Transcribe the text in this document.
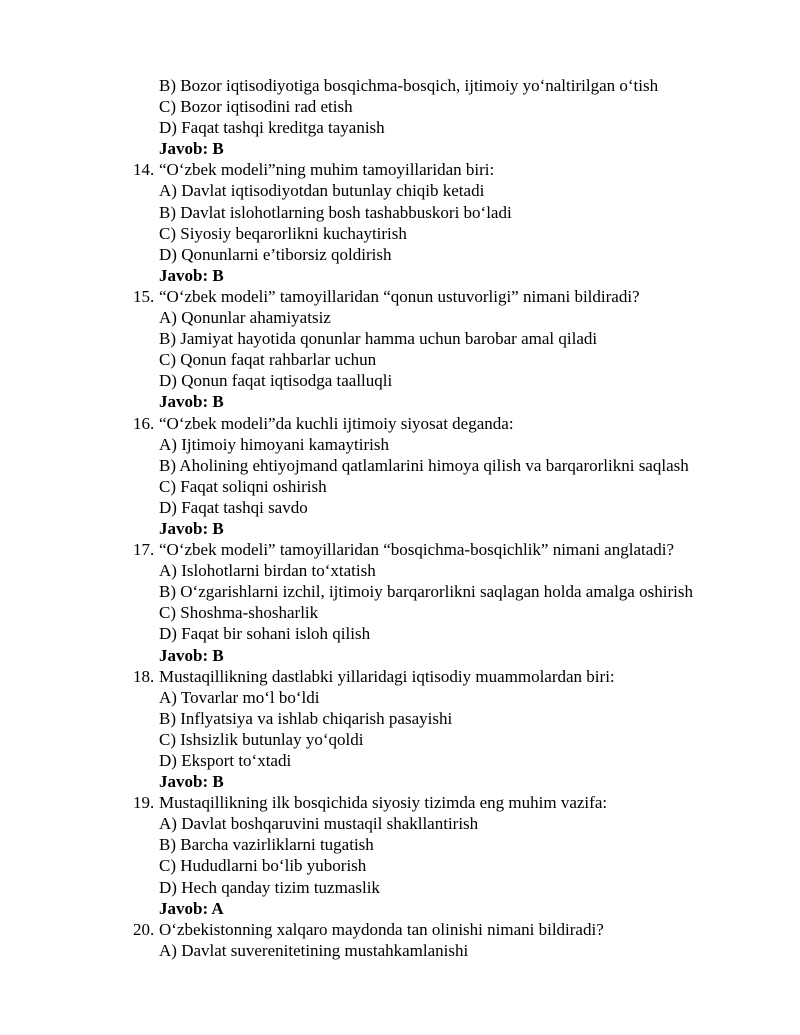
B) Bozor iqtisodiyotiga bosqichma-bosqich, ijtimoiy yo‘naltirilgan o‘tish
C) Bozor iqtisodini rad etish
D) Faqat tashqi kreditga tayanish
Javob: B
14. “O‘zbek modeli”ning muhim tamoyillaridan biri:
A) Davlat iqtisodiyotdan butunlay chiqib ketadi
B) Davlat islohotlarning bosh tashabbuskori bo‘ladi
C) Siyosiy beqarorlikni kuchaytirish
D) Qonunlarni e’tiborsiz qoldirish
Javob: B
15. “O‘zbek modeli” tamoyillaridan “qonun ustuvorligi” nimani bildiradi?
A) Qonunlar ahamiyatsiz
B) Jamiyat hayotida qonunlar hamma uchun barobar amal qiladi
C) Qonun faqat rahbarlar uchun
D) Qonun faqat iqtisodga taalluqli
Javob: B
16. “O‘zbek modeli”da kuchli ijtimoiy siyosat deganda:
A) Ijtimoiy himoyani kamaytirish
B) Aholining ehtiyojmand qatlamlarini himoya qilish va barqarorlikni saqlash
C) Faqat soliqni oshirish
D) Faqat tashqi savdo
Javob: B
17. “O‘zbek modeli” tamoyillaridan “bosqichma-bosqichlik” nimani anglatadi?
A) Islohotlarni birdan to‘xtatish
B) O‘zgarishlarni izchil, ijtimoiy barqarorlikni saqlagan holda amalga oshirish
C) Shoshma-shosharlik
D) Faqat bir sohani isloh qilish
Javob: B
18. Mustaqillikning dastlabki yillaridagi iqtisodiy muammolardan biri:
A) Tovarlar mo‘l bo‘ldi
B) Inflyatsiya va ishlab chiqarish pasayishi
C) Ishsizlik butunlay yo‘qoldi
D) Eksport to‘xtadi
Javob: B
19. Mustaqillikning ilk bosqichida siyosiy tizimda eng muhim vazifa:
A) Davlat boshqaruvini mustaqil shakllantirish
B) Barcha vazirliklarni tugatish
C) Hududlarni bo‘lib yuborish
D) Hech qanday tizim tuzmaslik
Javob: A
20. O‘zbekistonning xalqaro maydonda tan olinishi nimani bildiradi?
A) Davlat suverenitetining mustahkamlanishi
